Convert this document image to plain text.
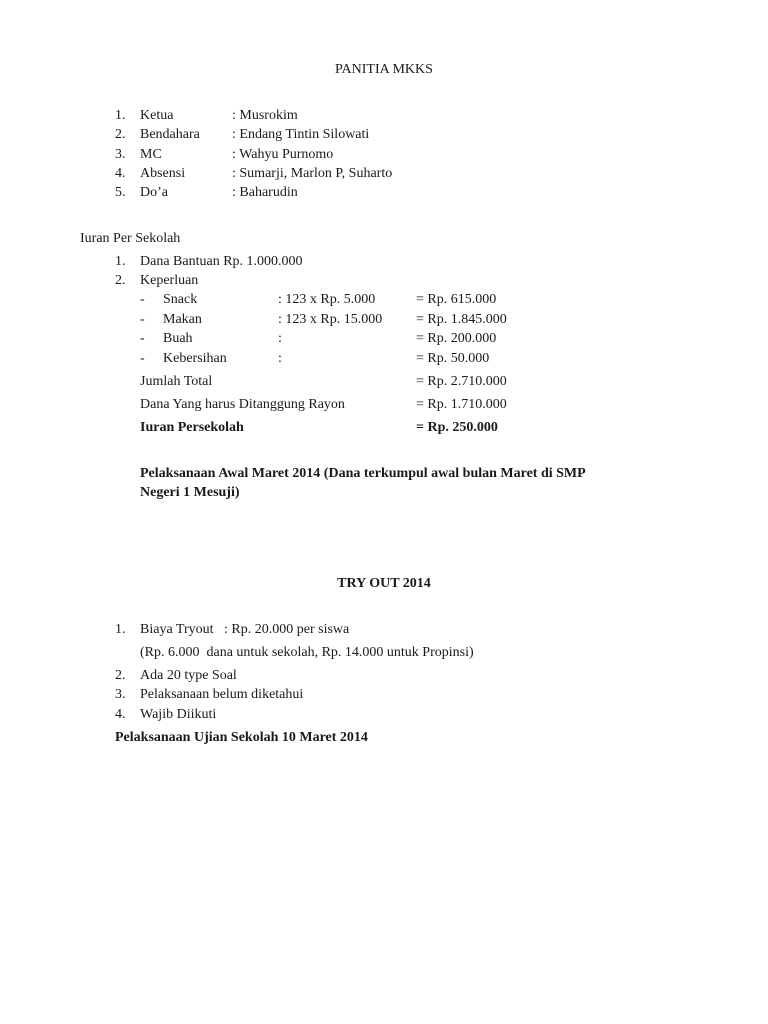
PANITIA MKKS
1. Ketua	: Musrokim
2. Bendahara : Endang Tintin Silowati
3. MC	: Wahyu Purnomo
4. Absensi	: Sumarji, Marlon P, Suharto
5. Do’a	: Baharudin
Iuran Per Sekolah
1. Dana Bantuan Rp. 1.000.000
2. Keperluan
- Snack	: 123 x Rp. 5.000	= Rp. 615.000
- Makan	: 123 x Rp. 15.000 = Rp. 1.845.000
- Buah	:	= Rp. 200.000
- Kebersihan	:	= Rp. 50.000
Jumlah Total	= Rp. 2.710.000
Dana Yang harus Ditanggung Rayon	= Rp. 1.710.000
Iuran Persekolah	= Rp. 250.000
Pelaksanaan Awal Maret 2014 (Dana terkumpul awal bulan Maret di SMP
Negeri 1 Mesuji)
TRY OUT 2014
1. Biaya Tryout   : Rp. 20.000 per siswa
(Rp. 6.000  dana untuk sekolah, Rp. 14.000 untuk Propinsi)
2. Ada 20 type Soal
3. Pelaksanaan belum diketahui
4. Wajib Diikuti
Pelaksanaan Ujian Sekolah 10 Maret 2014
